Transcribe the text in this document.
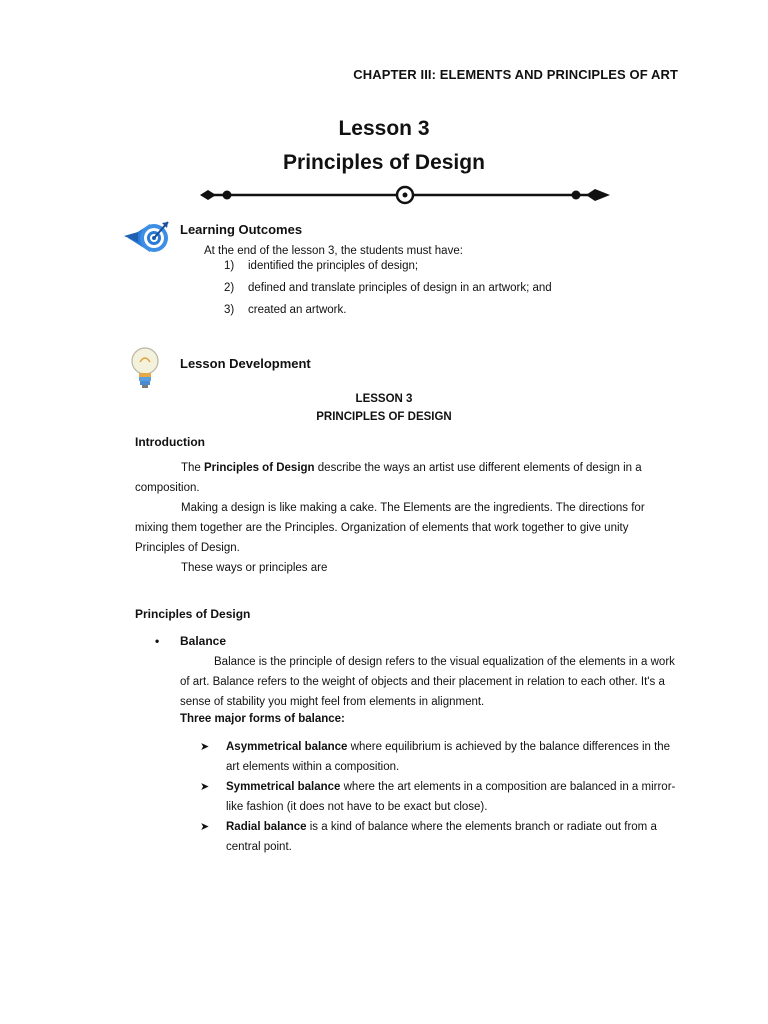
CHAPTER III: ELEMENTS AND PRINCIPLES OF ART
Lesson 3
Principles of Design
Learning Outcomes
At the end of the lesson 3, the students must have:
1)	identified the principles of design;
2)	defined and translate principles of design in an artwork; and
3)	created an artwork.
Lesson Development
LESSON 3
PRINCIPLES OF DESIGN
Introduction
The Principles of Design describe the ways an artist use different elements of design in a composition.
Making a design is like making a cake. The Elements are the ingredients. The directions for mixing them together are the Principles. Organization of elements that work together to give unity Principles of Design.
These ways or principles are
Principles of Design
• Balance
Balance is the principle of design refers to the visual equalization of the elements in a work of art. Balance refers to the weight of objects and their placement in relation to each other. It's a sense of stability you might feel from elements in alignment.
Three major forms of balance:
➤	Asymmetrical balance where equilibrium is achieved by the balance differences in the art elements within a composition.
➤	Symmetrical balance where the art elements in a composition are balanced in a mirror-like fashion (it does not have to be exact but close).
➤	Radial balance is a kind of balance where the elements branch or radiate out from a central point.
